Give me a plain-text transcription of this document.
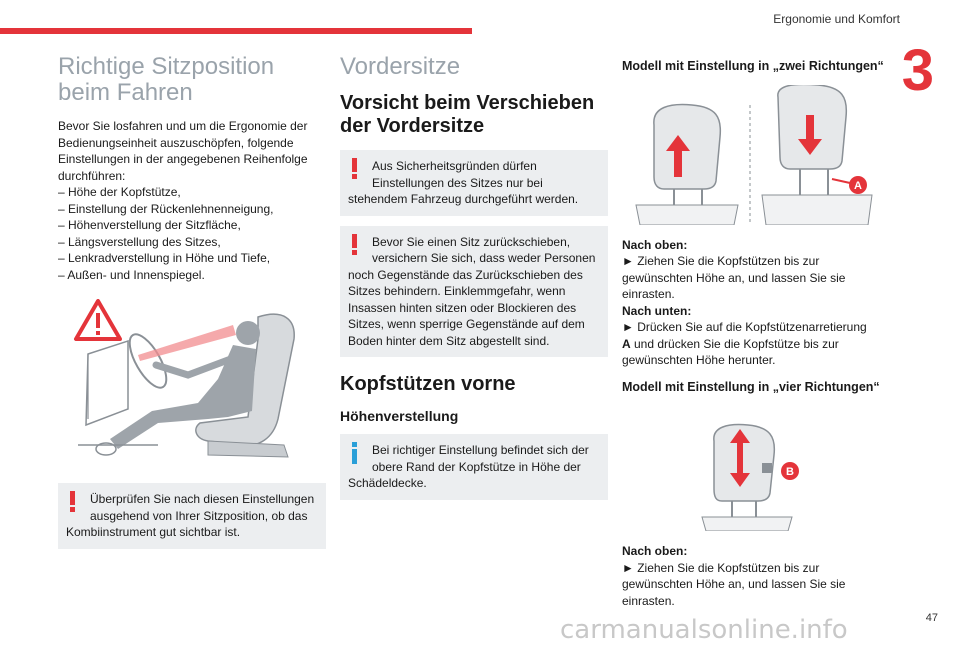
Ergonomie und Komfort
3
Richtige Sitzposition beim Fahren

Bevor Sie losfahren und um die Ergonomie der Bedienungseinheit auszuschöpfen, folgende Einstellungen in der angegebenen Reihenfolge durchführen:

– Höhe der Kopfstütze,

– Einstellung der Rückenlehnenneigung,

– Höhenverstellung der Sitzfläche,

– Längsverstellung des Sitzes,

– Lenkradverstellung in Höhe und Tiefe,

– Außen- und Innenspiegel.

Überprüfen Sie nach diesen Einstellungen ausgehend von Ihrer Sitzposition, ob das
Kombiinstrument gut sichtbar ist.
Vordersitze
Vorsicht beim Verschieben der Vordersitze
Aus Sicherheitsgründen dürfen Einstellungen des Sitzes nur bei
stehendem Fahrzeug durchgeführt werden.
Bevor Sie einen Sitz zurückschieben, versichern Sie sich, dass weder Personen
noch Gegenstände das Zurückschieben des Sitzes behindern. Einklemmgefahr, wenn Insassen hinten sitzen oder Blockieren des Sitzes, wenn sperrige Gegenstände auf dem Boden hinter dem Sitz abgestellt sind.
Kopfstützen vorne
Höhenverstellung
Bei richtiger Einstellung befindet sich der obere Rand der Kopfstütze in Höhe der
Schädeldecke.

Modell mit Einstellung in „zwei Richtungen“

A

Nach oben:

► Ziehen Sie die Kopfstützen bis zur gewünschten Höhe an, und lassen Sie sie einrasten.

Nach unten:

► Drücken Sie auf die Kopfstützenarretierung
A und drücken Sie die Kopfstütze bis zur gewünschten Höhe herunter.

Modell mit Einstellung in „vier Richtungen“

B

Nach oben:

► Ziehen Sie die Kopfstützen bis zur gewünschten Höhe an, und lassen Sie sie einrasten.

carmanualsonline.info	47
